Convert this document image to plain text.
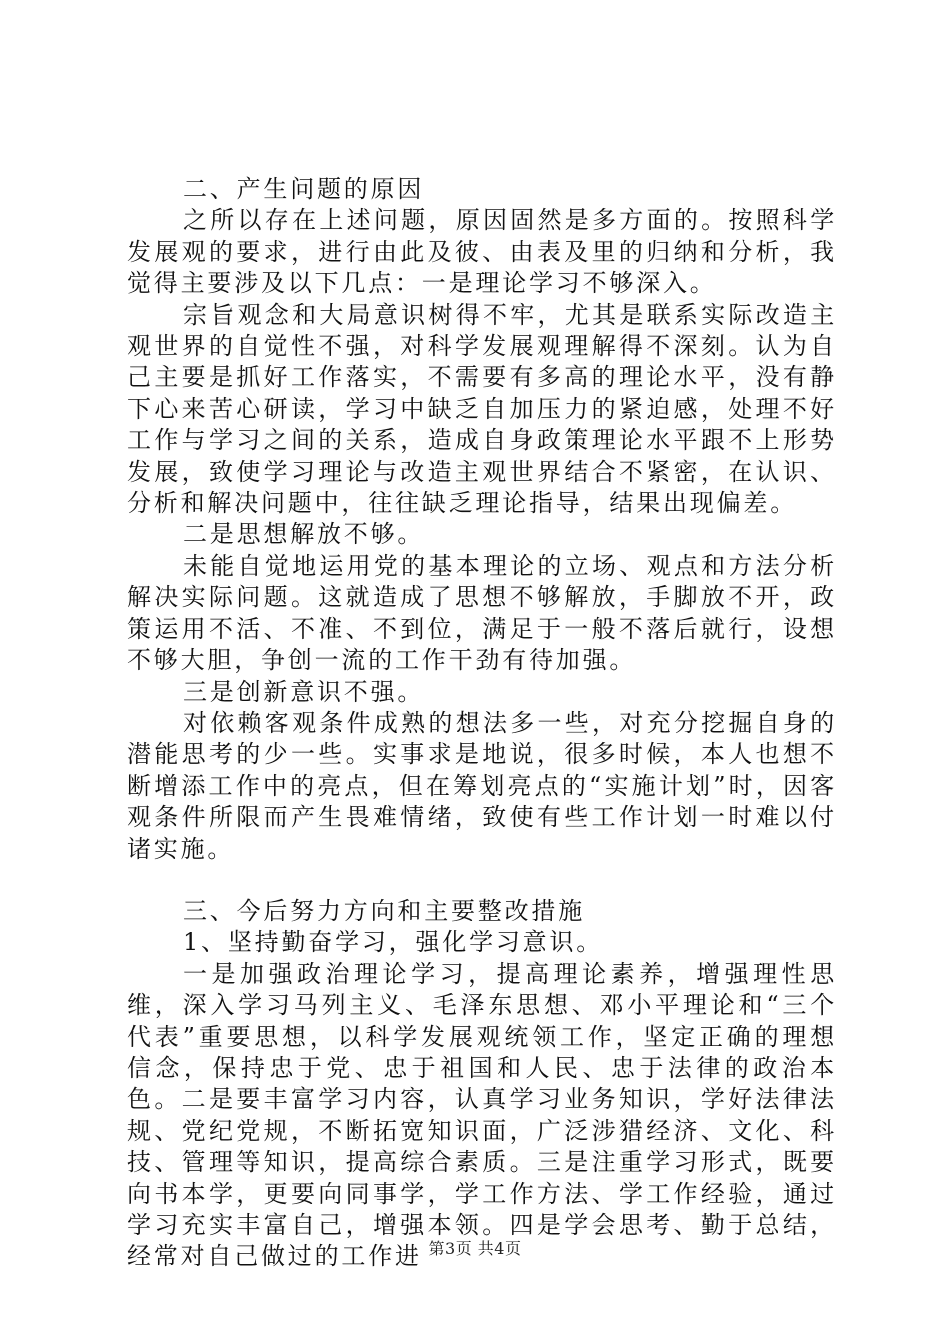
二、产生问题的原因

之所以存在上述问题，原因固然是多方面的。按照科学发展观的要求，进行由此及彼、由表及里的归纳和分析，我觉得主要涉及以下几点：一是理论学习不够深入。

宗旨观念和大局意识树得不牢，尤其是联系实际改造主观世界的自觉性不强，对科学发展观理解得不深刻。认为自己主要是抓好工作落实，不需要有多高的理论水平，没有静下心来苦心研读，学习中缺乏自加压力的紧迫感，处理不好工作与学习之间的关系，造成自身政策理论水平跟不上形势发展，致使学习理论与改造主观世界结合不紧密，在认识、分析和解决问题中，往往缺乏理论指导，结果出现偏差。

二是思想解放不够。

未能自觉地运用党的基本理论的立场、观点和方法分析解决实际问题。这就造成了思想不够解放，手脚放不开，政策运用不活、不准、不到位，满足于一般不落后就行，设想不够大胆，争创一流的工作干劲有待加强。

三是创新意识不强。

对依赖客观条件成熟的想法多一些，对充分挖掘自身的潜能思考的少一些。实事求是地说，很多时候，本人也想不断增添工作中的亮点，但在筹划亮点的“实施计划”时，因客观条件所限而产生畏难情绪，致使有些工作计划一时难以付诸实施。

三、今后努力方向和主要整改措施

1、坚持勤奋学习，强化学习意识。

一是加强政治理论学习，提高理论素养，增强理性思维，深入学习马列主义、毛泽东思想、邓小平理论和“三个代表”重要思想，以科学发展观统领工作，坚定正确的理想信念，保持忠于党、忠于祖国和人民、忠于法律的政治本色。二是要丰富学习内容，认真学习业务知识，学好法律法规、党纪党规，不断拓宽知识面，广泛涉猎经济、文化、科技、管理等知识，提高综合素质。三是注重学习形式，既要向书本学，更要向同事学，学工作方法、学工作经验，通过学习充实丰富自己，增强本领。四是学会思考、勤于总结，经常对自己做过的工作进 第3页 共4页
